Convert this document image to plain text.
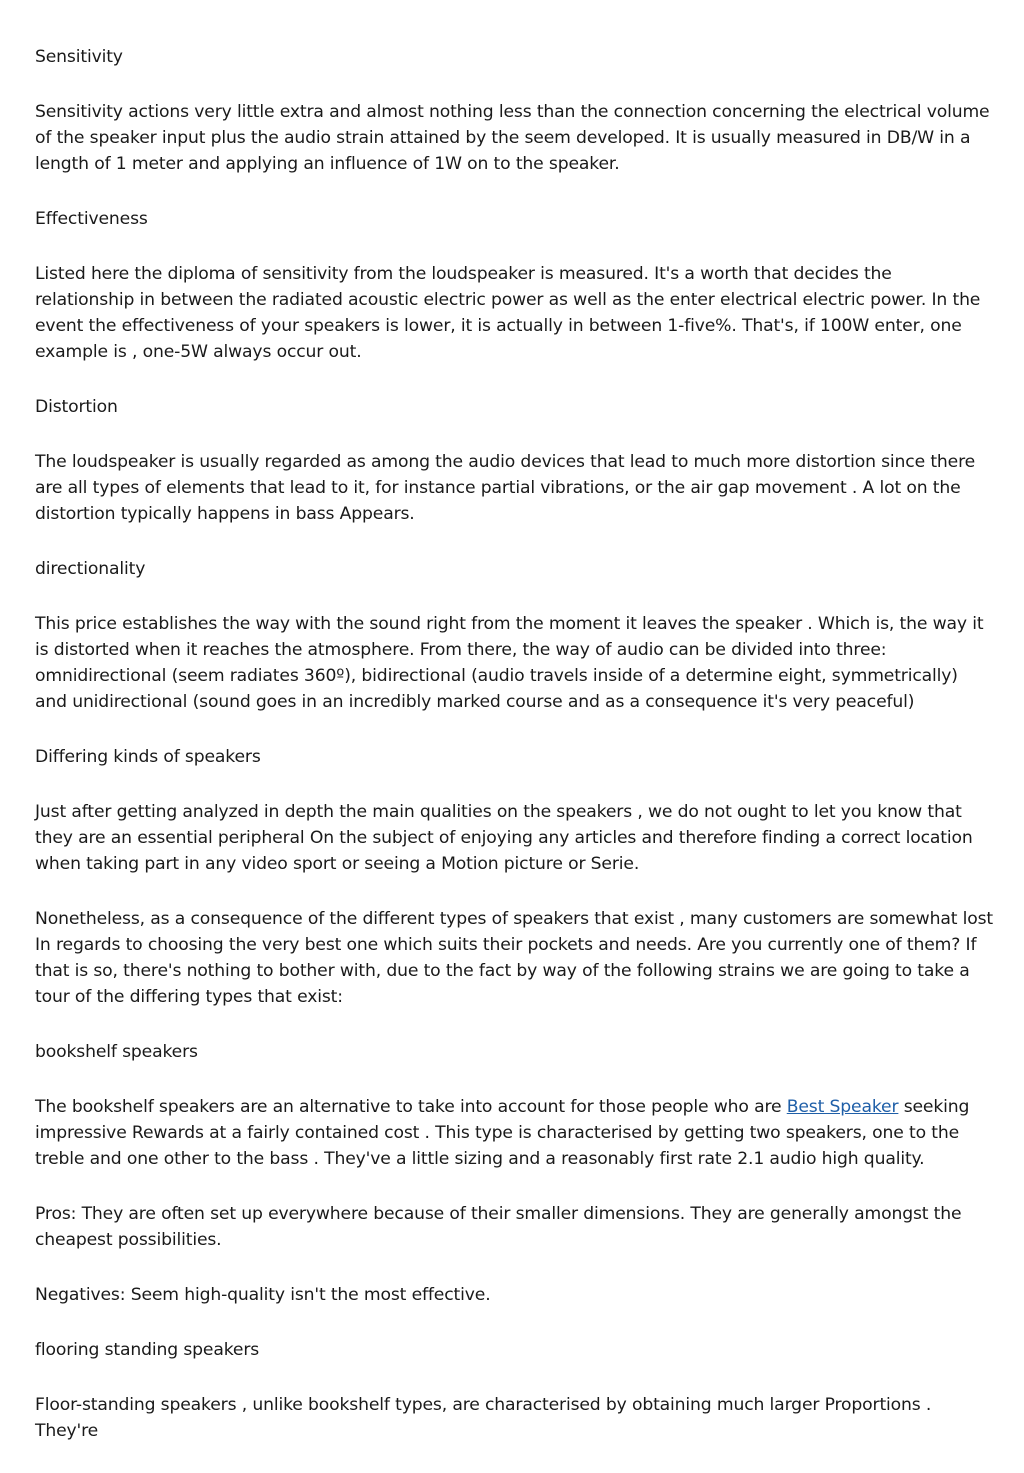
Sensitivity

Sensitivity actions very little extra and almost nothing less than the connection concerning the electrical volume of the speaker input plus the audio strain attained by the seem developed. It is usually measured in DB/W in a length of 1 meter and applying an influence of 1W on to the speaker.

Effectiveness

Listed here the diploma of sensitivity from the loudspeaker is measured. It's a worth that decides the relationship in between the radiated acoustic electric power as well as the enter electrical electric power. In the event the effectiveness of your speakers is lower, it is actually in between 1-five%. That's, if 100W enter, one example is , one-5W always occur out.

Distortion

The loudspeaker is usually regarded as among the audio devices that lead to much more distortion since there are all types of elements that lead to it, for instance partial vibrations, or the air gap movement . A lot on the distortion typically happens in bass Appears.

directionality

This price establishes the way with the sound right from the moment it leaves the speaker . Which is, the way it is distorted when it reaches the atmosphere. From there, the way of audio can be divided into three: omnidirectional (seem radiates 360º), bidirectional (audio travels inside of a determine eight, symmetrically) and unidirectional (sound goes in an incredibly marked course and as a consequence it's very peaceful)

Differing kinds of speakers

Just after getting analyzed in depth the main qualities on the speakers , we do not ought to let you know that they are an essential peripheral On the subject of enjoying any articles and therefore finding a correct location when taking part in any video sport or seeing a Motion picture or Serie.

Nonetheless, as a consequence of the different types of speakers that exist , many customers are somewhat lost In regards to choosing the very best one which suits their pockets and needs. Are you currently one of them? If that is so, there's nothing to bother with, due to the fact by way of the following strains we are going to take a tour of the differing types that exist:

bookshelf speakers

The bookshelf speakers are an alternative to take into account for those people who are Best Speaker seeking impressive Rewards at a fairly contained cost . This type is characterised by getting two speakers, one to the treble and one other to the bass . They've a little sizing and a reasonably first rate 2.1 audio high quality.

Pros: They are often set up everywhere because of their smaller dimensions. They are generally amongst the cheapest possibilities.

Negatives: Seem high-quality isn't the most effective.

flooring standing speakers

Floor-standing speakers , unlike bookshelf types, are characterised by obtaining much larger Proportions . They're
